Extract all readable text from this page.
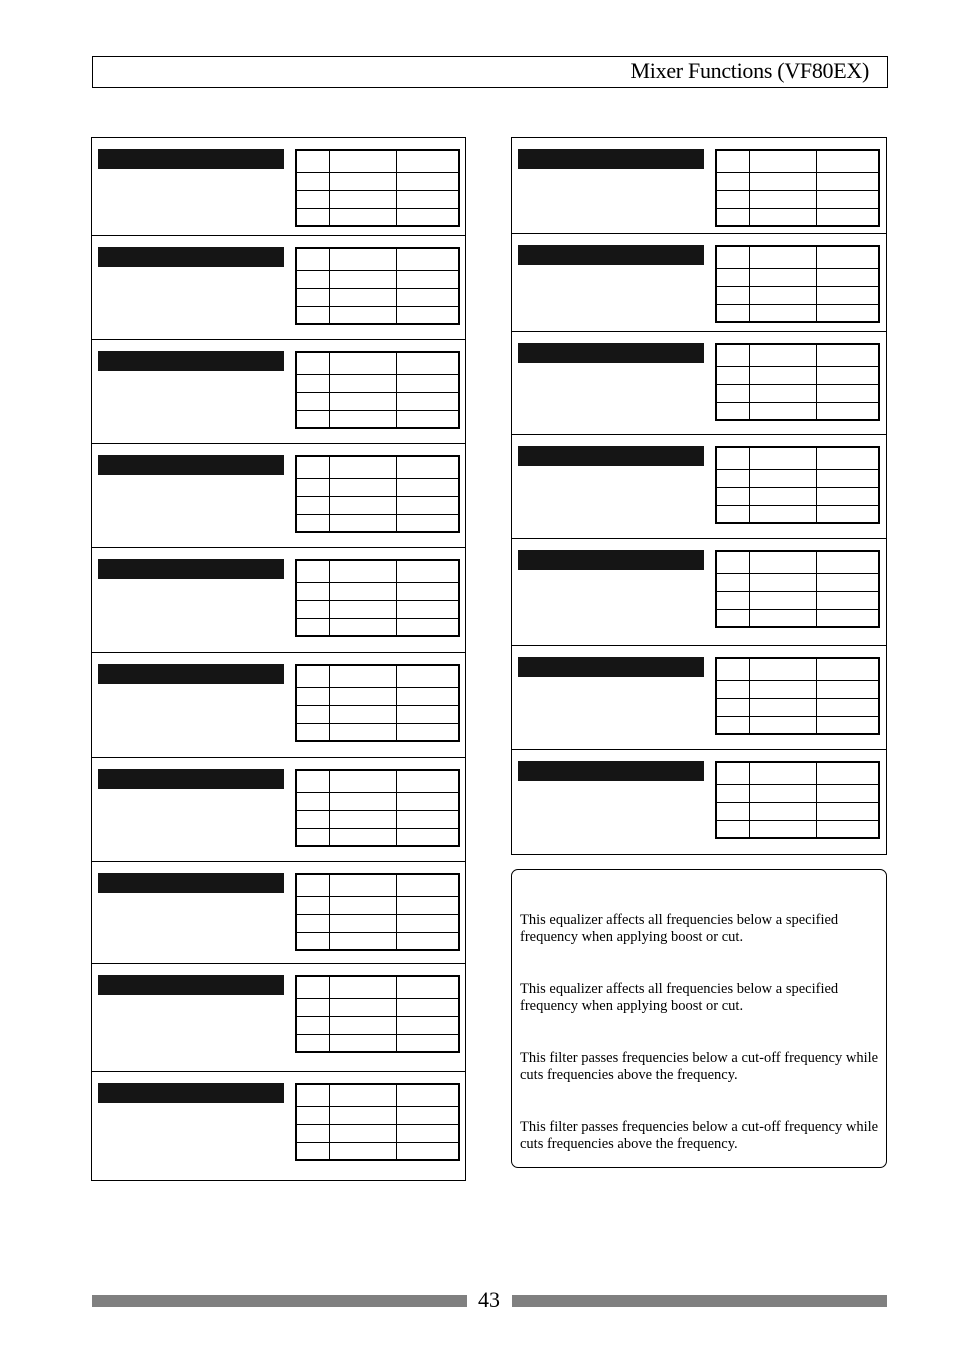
Mixer Functions (VF80EX)

This equalizer affects all frequencies below a specified frequency when applying boost or cut.
This equalizer affects all frequencies below a specified frequency when applying boost or cut.
This filter passes frequencies below a cut-off frequency while cuts frequencies above the frequency.
This filter passes frequencies below a cut-off frequency while cuts frequencies above the frequency.
43
